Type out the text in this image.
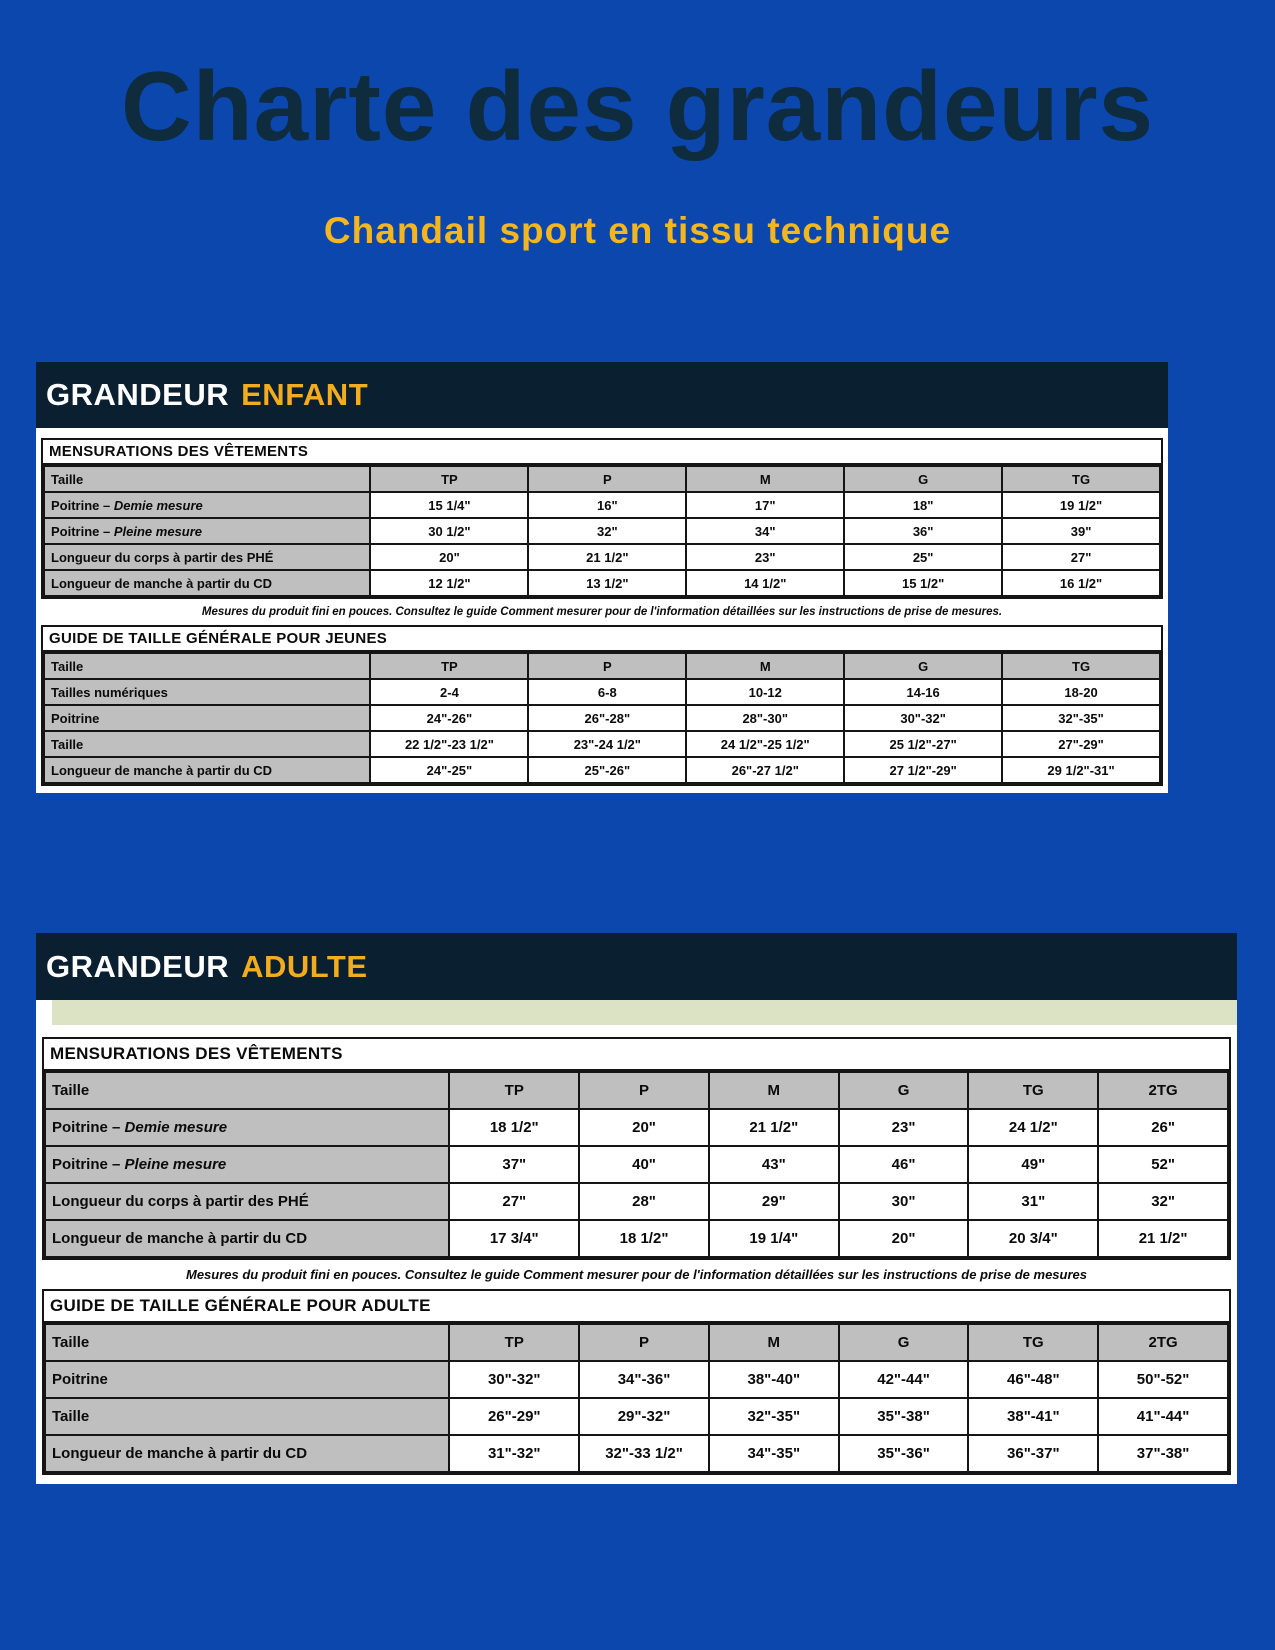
Charte des grandeurs
Chandail sport en tissu technique
GRANDEUR ENFANT
MENSURATIONS DES VÊTEMENTS
Taille	TP	P	M	G	TG
Poitrine – Demie mesure	15 1/4"	16"	17"	18"	19 1/2"
Poitrine – Pleine mesure	30 1/2"	32"	34"	36"	39"
Longueur du corps à partir des PHÉ	20"	21 1/2"	23"	25"	27"
Longueur de manche à partir du CD	12 1/2"	13 1/2"	14 1/2"	15 1/2"	16 1/2"
Mesures du produit fini en pouces. Consultez le guide Comment mesurer pour de l'information détaillées sur les instructions de prise de mesures.
GUIDE DE TAILLE GÉNÉRALE POUR JEUNES
Taille	TP	P	M	G	TG
Tailles numériques	2-4	6-8	10-12	14-16	18-20
Poitrine	24"-26"	26"-28"	28"-30"	30"-32"	32"-35"
Taille	22 1/2"-23 1/2"	23"-24 1/2"	24 1/2"-25 1/2"	25 1/2"-27"	27"-29"
Longueur de manche à partir du CD	24"-25"	25"-26"	26"-27 1/2"	27 1/2"-29"	29 1/2"-31"
GRANDEUR ADULTE
MENSURATIONS DES VÊTEMENTS
Taille	TP	P	M	G	TG	2TG
Poitrine – Demie mesure	18 1/2"	20"	21 1/2"	23"	24 1/2"	26"
Poitrine – Pleine mesure	37"	40"	43"	46"	49"	52"
Longueur du corps à partir des PHÉ	27"	28"	29"	30"	31"	32"
Longueur de manche à partir du CD	17 3/4"	18 1/2"	19 1/4"	20"	20 3/4"	21 1/2"
Mesures du produit fini en pouces. Consultez le guide Comment mesurer pour de l'information détaillées sur les instructions de prise de mesures
GUIDE DE TAILLE GÉNÉRALE POUR ADULTE
Taille	TP	P	M	G	TG	2TG
Poitrine	30"-32"	34"-36"	38"-40"	42"-44"	46"-48"	50"-52"
Taille	26"-29"	29"-32"	32"-35"	35"-38"	38"-41"	41"-44"
Longueur de manche à partir du CD	31"-32"	32"-33 1/2"	34"-35"	35"-36"	36"-37"	37"-38"
